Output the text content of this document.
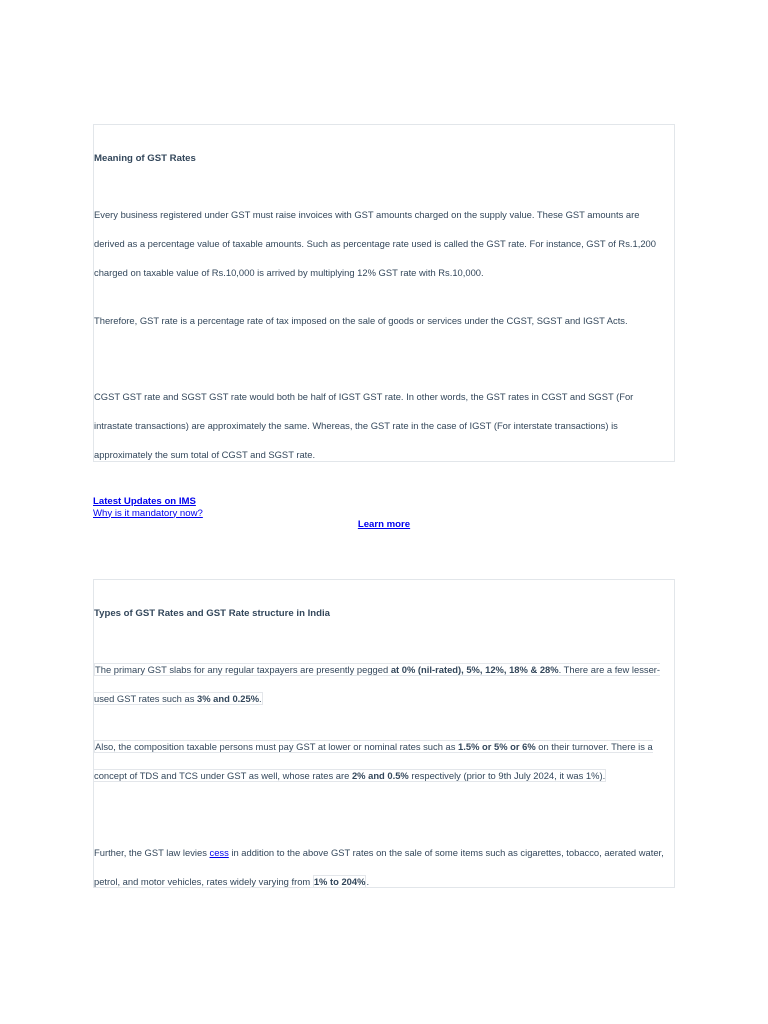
Meaning of GST Rates

Every business registered under GST must raise invoices with GST amounts charged on the supply value. These GST amounts are derived as a percentage value of taxable amounts. Such as percentage rate used is called the GST rate. For instance, GST of Rs.1,200 charged on taxable value of Rs.10,000 is arrived by multiplying 12% GST rate with Rs.10,000.

Therefore, GST rate is a percentage rate of tax imposed on the sale of goods or services under the CGST, SGST and IGST Acts.

CGST GST rate and SGST GST rate would both be half of IGST GST rate. In other words, the GST rates in CGST and SGST (For intrastate transactions) are approximately the same. Whereas, the GST rate in the case of IGST (For interstate transactions) is approximately the sum total of CGST and SGST rate.

Latest Updates on IMS
Why is it mandatory now?
Learn more
Types of GST Rates and GST Rate structure in India

The primary GST slabs for any regular taxpayers are presently pegged at 0% (nil-rated), 5%, 12%, 18% & 28%. There are a few lesser-used GST rates such as 3% and 0.25%.

Also, the composition taxable persons must pay GST at lower or nominal rates such as 1.5% or 5% or 6% on their turnover. There is a concept of TDS and TCS under GST as well, whose rates are 2% and 0.5% respectively (prior to 9th July 2024, it was 1%).

Further, the GST law levies cess in addition to the above GST rates on the sale of some items such as cigarettes, tobacco, aerated water, petrol, and motor vehicles, rates widely varying from 1% to 204%.
